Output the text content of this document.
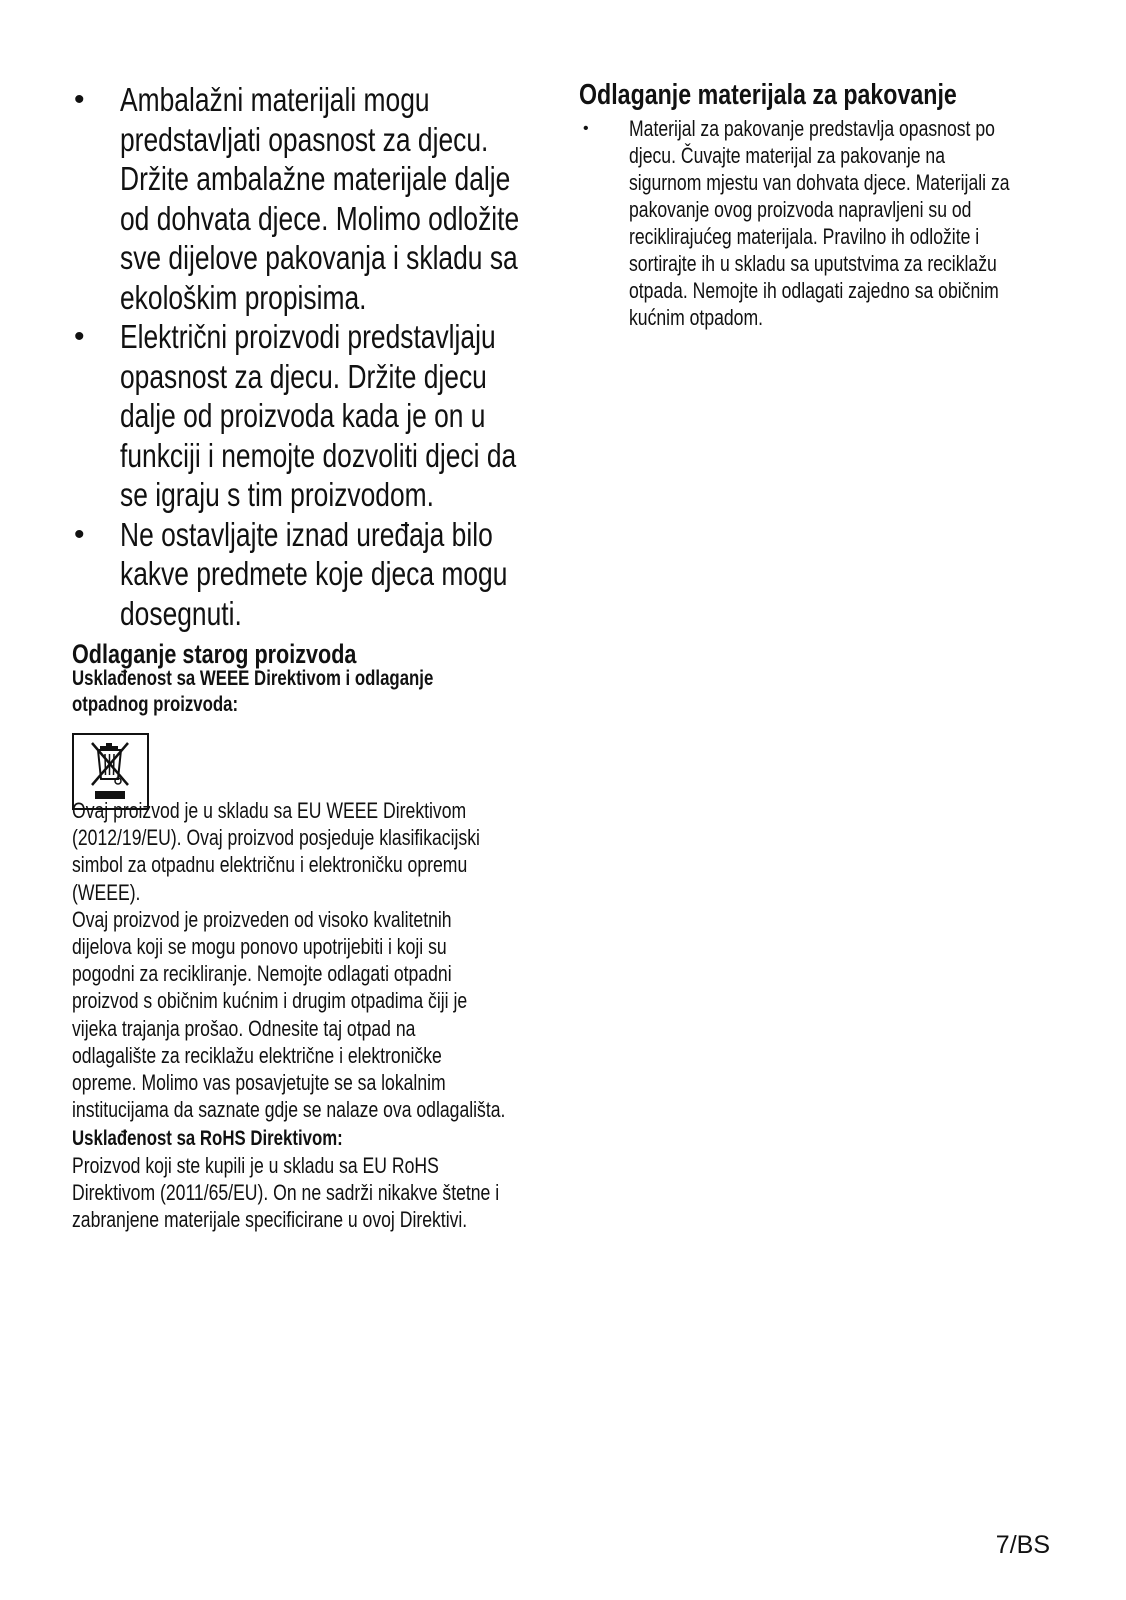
• Ambalažni materijali mogu
predstavljati opasnost za djecu.
Držite ambalažne materijale dalje
od dohvata djece. Molimo odložite
sve dijelove pakovanja i skladu sa
ekološkim propisima.
• Električni proizvodi predstavljaju
opasnost za djecu. Držite djecu
dalje od proizvoda kada je on u
funkciji i nemojte dozvoliti djeci da
se igraju s tim proizvodom.
• Ne ostavljajte iznad uređaja bilo
kakve predmete koje djeca mogu
dosegnuti.
Odlaganje starog proizvoda
Usklađenost sa WEEE Direktivom i odlaganje
otpadnog proizvoda:
Ovaj proizvod je u skladu sa EU WEEE Direktivom
(2012/19/EU). Ovaj proizvod posjeduje klasifikacijski
simbol za otpadnu električnu i elektroničku opremu
(WEEE).
Ovaj proizvod je proizveden od visoko kvalitetnih
dijelova koji se mogu ponovo upotrijebiti i koji su
pogodni za recikliranje. Nemojte odlagati otpadni
proizvod s običnim kućnim i drugim otpadima čiji je
vijeka trajanja prošao. Odnesite taj otpad na
odlagalište za reciklažu električne i elektroničke
opreme. Molimo vas posavjetujte se sa lokalnim
institucijama da saznate gdje se nalaze ova odlagališta.
Usklađenost sa RoHS Direktivom:
Proizvod koji ste kupili je u skladu sa EU RoHS
Direktivom (2011/65/EU). On ne sadrži nikakve štetne i
zabranjene materijale specificirane u ovoj Direktivi.
Odlaganje materijala za pakovanje
• Materijal za pakovanje predstavlja opasnost po
djecu. Čuvajte materijal za pakovanje na
sigurnom mjestu van dohvata djece. Materijali za
pakovanje ovog proizvoda napravljeni su od
reciklirajućeg materijala. Pravilno ih odložite i
sortirajte ih u skladu sa uputstvima za reciklažu
otpada. Nemojte ih odlagati zajedno sa običnim
kućnim otpadom.
7/BS
